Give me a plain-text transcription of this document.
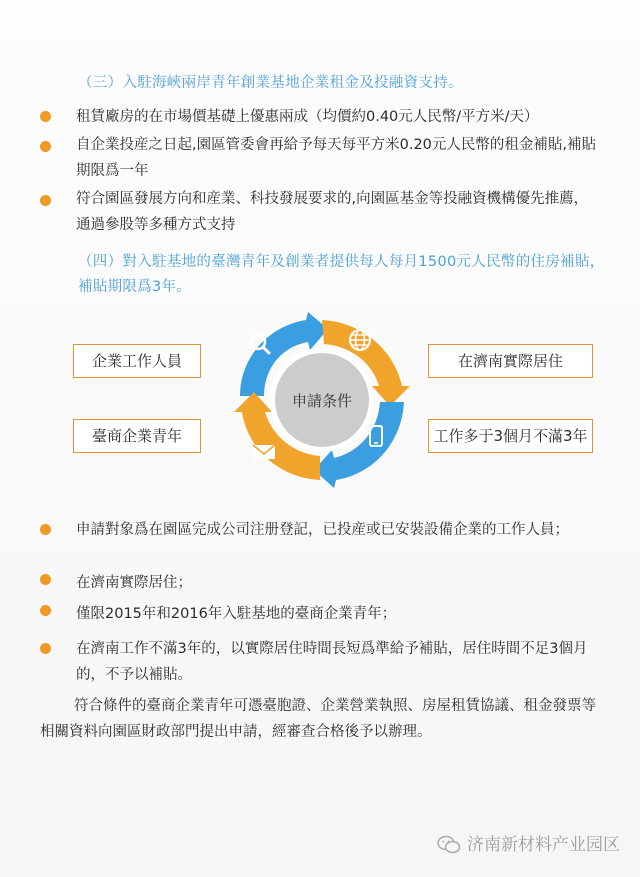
（三）入駐海峽兩岸青年創業基地企業租金及投融資支持。
租賃廠房的在市場價基礎上優惠兩成（均價約0.40元人民幣/平方米/天）
自企業投産之日起,園區管委會再給予每天每平方米0.20元人民幣的租金補貼,補貼期限爲一年
符合園區發展方向和産業、科技發展要求的,向園區基金等投融資機構優先推薦，通過參股等多種方式支持
（四）對入駐基地的臺灣青年及創業者提供每人每月1500元人民幣的住房補貼，補貼期限爲3年。
申請条件
企業工作人員	在濟南實際居住
臺商企業青年	工作多于3個月不滿3年
申請對象爲在園區完成公司注册登記，已投産或已安裝設備企業的工作人員；
在濟南實際居住；
僅限2015年和2016年入駐基地的臺商企業青年；
在濟南工作不滿3年的，以實際居住時間長短爲準給予補貼，居住時間不足3個月的，不予以補貼。
符合條件的臺商企業青年可憑臺胞證、企業營業執照、房屋租賃協議、租金發票等相關資料向園區財政部門提出申請，經審查合格後予以辦理。
济南新材料产业园区
